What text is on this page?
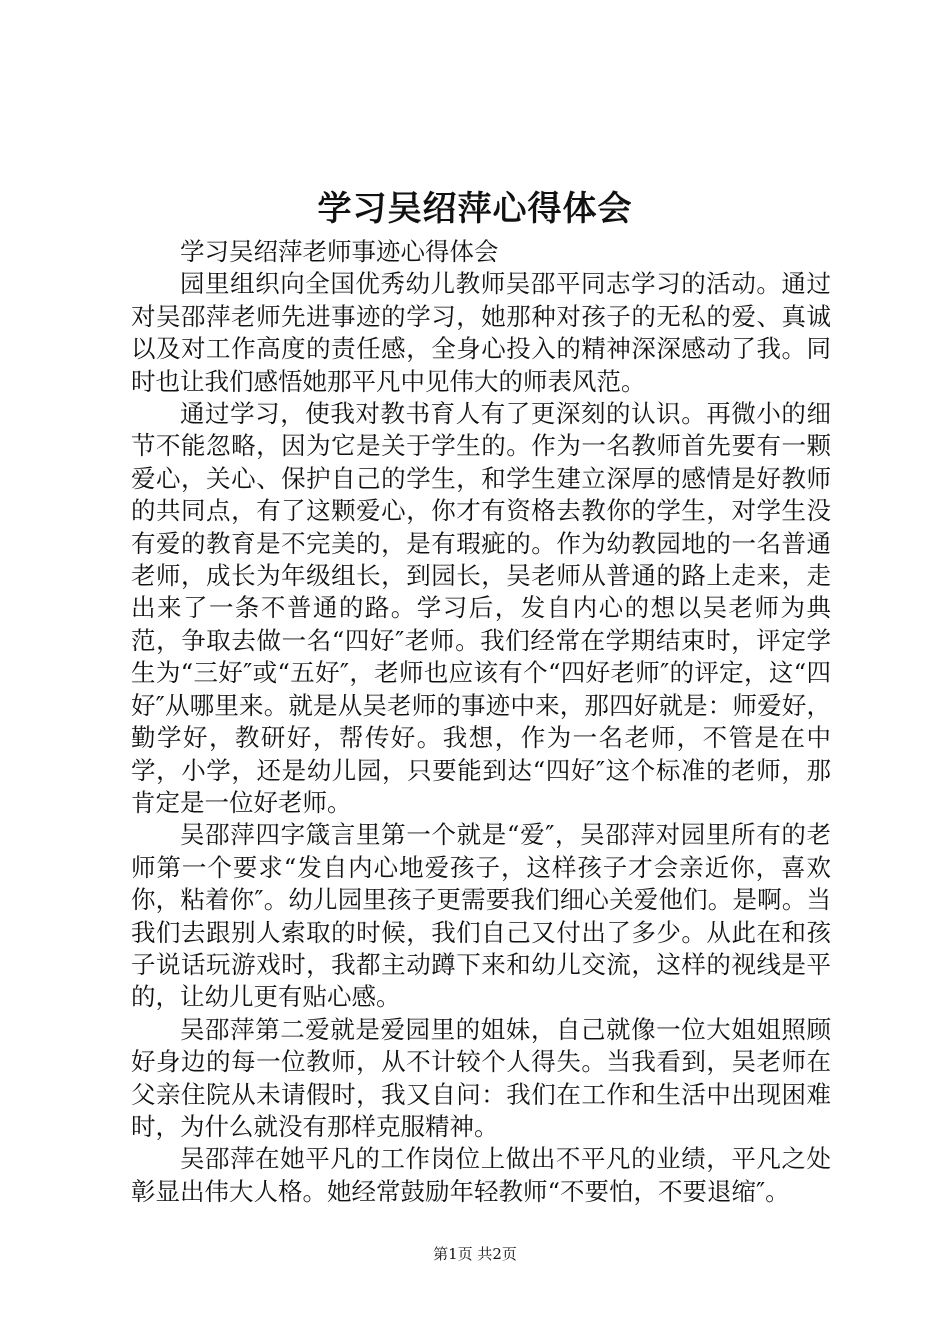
学习吴绍萍心得体会

学习吴绍萍老师事迹心得体会

园里组织向全国优秀幼儿教师吴邵平同志学习的活动。通过对吴邵萍老师先进事迹的学习，她那种对孩子的无私的爱、真诚以及对工作高度的责任感，全身心投入的精神深深感动了我。同时也让我们感悟她那平凡中见伟大的师表风范。

通过学习，使我对教书育人有了更深刻的认识。再微小的细节不能忽略，因为它是关于学生的。作为一名教师首先要有一颗爱心，关心、保护自己的学生，和学生建立深厚的感情是好教师的共同点，有了这颗爱心，你才有资格去教你的学生，对学生没有爱的教育是不完美的，是有瑕疵的。作为幼教园地的一名普通老师，成长为年级组长，到园长，吴老师从普通的路上走来，走出来了一条不普通的路。学习后，发自内心的想以吴老师为典范，争取去做一名“四好″老师。我们经常在学期结束时，评定学生为“三好″或“五好″，老师也应该有个“四好老师″的评定，这“四好″从哪里来。就是从吴老师的事迹中来，那四好就是：师爱好，勤学好，教研好，帮传好。我想，作为一名老师，不管是在中学，小学，还是幼儿园，只要能到达“四好″这个标准的老师，那肯定是一位好老师。

吴邵萍四字箴言里第一个就是“爱″，吴邵萍对园里所有的老师第一个要求“发自内心地爱孩子，这样孩子才会亲近你，喜欢你，粘着你″。幼儿园里孩子更需要我们细心关爱他们。是啊。当我们去跟别人索取的时候，我们自己又付出了多少。从此在和孩子说话玩游戏时，我都主动蹲下来和幼儿交流，这样的视线是平的，让幼儿更有贴心感。

吴邵萍第二爱就是爱园里的姐妹，自己就像一位大姐姐照顾好身边的每一位教师，从不计较个人得失。当我看到，吴老师在父亲住院从未请假时，我又自问：我们在工作和生活中出现困难时，为什么就没有那样克服精神。

吴邵萍在她平凡的工作岗位上做出不平凡的业绩，平凡之处彰显出伟大人格。她经常鼓励年轻教师“不要怕，不要退缩″。

第1页 共2页
